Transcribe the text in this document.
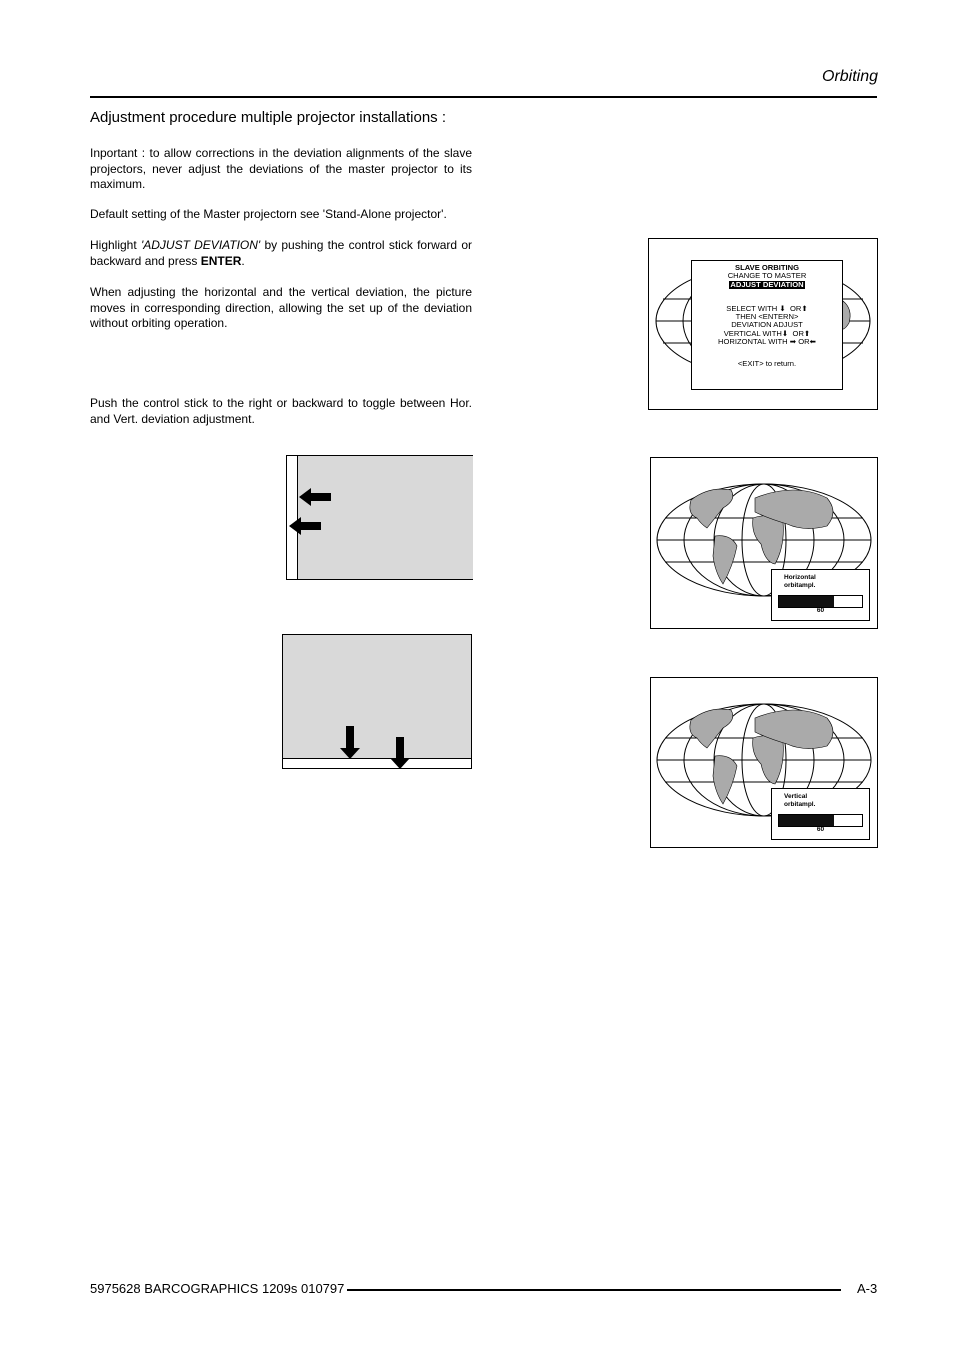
Orbiting
Adjustment procedure multiple projector installations :
Inportant : to allow corrections in the deviation alignments of the slave projectors, never adjust the deviations of the master projector to its maximum.
Default setting of the Master projectorn see 'Stand-Alone projector'.
Highlight 'ADJUST DEVIATION' by pushing the control stick forward or backward and press ENTER.
When adjusting the horizontal and the vertical deviation, the picture moves in corresponding direction, allowing the set up of the deviation without orbiting operation.
Push the control stick to the right or backward to toggle between Hor. and Vert. deviation adjustment.
SLAVE ORBITING
CHANGE TO MASTER
ADJUST DEVIATION
SELECT WITH ⬇ OR⬆
THEN <ENTERN>
DEVIATION ADJUST
VERTICAL WITH⬇ OR⬆
HORIZONTAL WITH ➡ OR⬅
<EXIT> to return.
Horizontal
orbitampl.
60
Vertical
orbitampl.
60
5975628 BARCOGRAPHICS 1209s 010797	A-3
